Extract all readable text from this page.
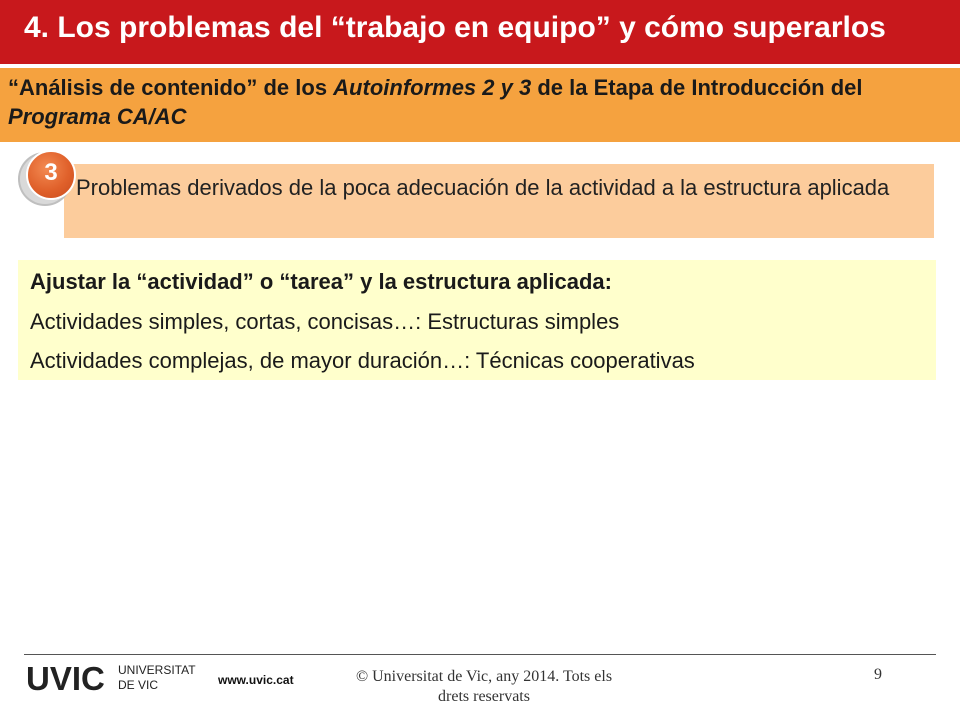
4. Los problemas del “trabajo en equipo” y cómo superarlos
“Análisis de contenido” de los Autoinformes 2 y 3 de la Etapa de Introducción del Programa CA/AC
Problemas derivados de la poca adecuación de la actividad a la estructura aplicada
3
Ajustar la “actividad” o “tarea” y la estructura aplicada:
Actividades simples, cortas, concisas…: Estructuras simples
Actividades complejas, de mayor duración…: Técnicas cooperativas
UVIC UNIVERSITAT
DE VIC	www.uvic.cat	© Universitat de Vic, any 2014. Tots els drets reservats
9
